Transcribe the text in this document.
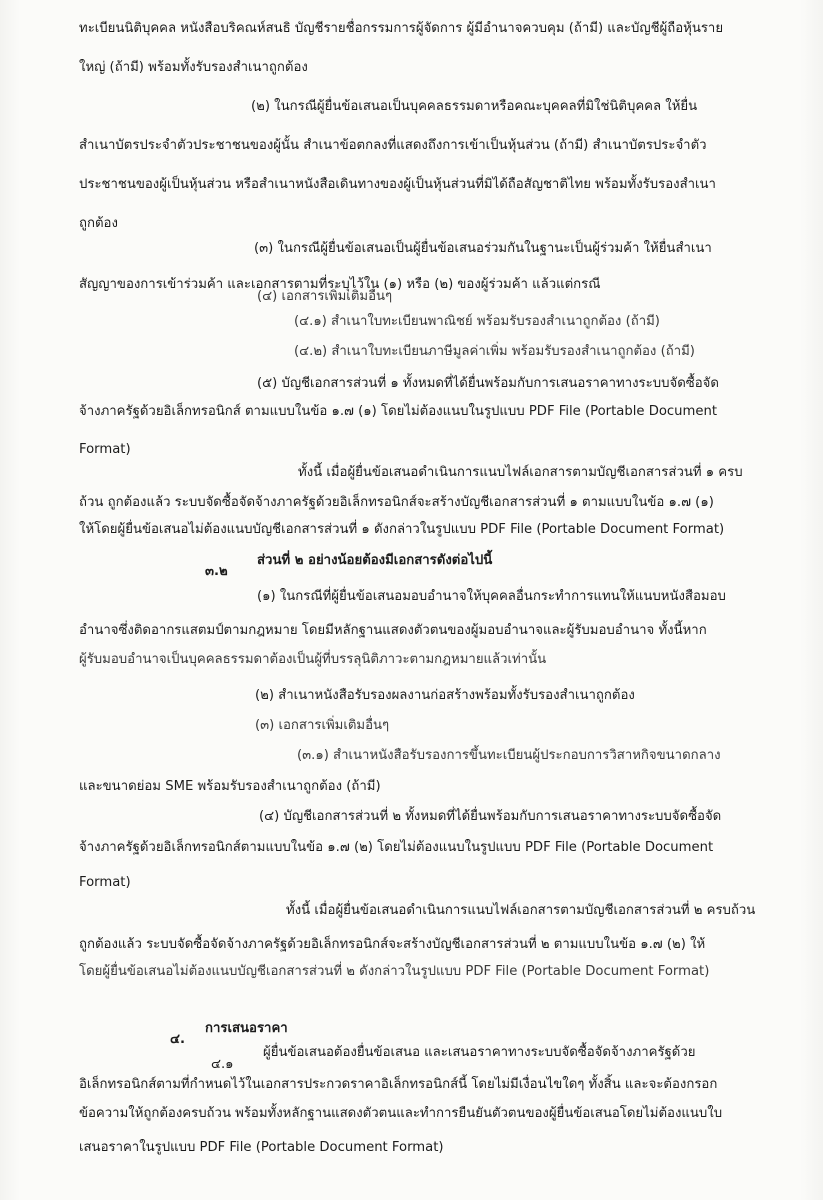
ทะเบียนนิติบุคคล หนังสือบริคณห์สนธิ บัญชีรายชื่อกรรมการผู้จัดการ ผู้มีอำนาจควบคุม (ถ้ามี) และบัญชีผู้ถือหุ้นราย
ใหญ่ (ถ้ามี) พร้อมทั้งรับรองสำเนาถูกต้อง
(๒) ในกรณีผู้ยื่นข้อเสนอเป็นบุคคลธรรมดาหรือคณะบุคคลที่มิใช่นิติบุคคล ให้ยื่น
สำเนาบัตรประจำตัวประชาชนของผู้นั้น สำเนาข้อตกลงที่แสดงถึงการเข้าเป็นหุ้นส่วน (ถ้ามี) สำเนาบัตรประจำตัว
ประชาชนของผู้เป็นหุ้นส่วน หรือสำเนาหนังสือเดินทางของผู้เป็นหุ้นส่วนที่มิได้ถือสัญชาติไทย พร้อมทั้งรับรองสำเนา
ถูกต้อง
(๓) ในกรณีผู้ยื่นข้อเสนอเป็นผู้ยื่นข้อเสนอร่วมกันในฐานะเป็นผู้ร่วมค้า ให้ยื่นสำเนา
สัญญาของการเข้าร่วมค้า และเอกสารตามที่ระบุไว้ใน (๑) หรือ (๒) ของผู้ร่วมค้า แล้วแต่กรณี
(๔) เอกสารเพิ่มเติมอื่นๆ
(๔.๑) สำเนาใบทะเบียนพาณิชย์ พร้อมรับรองสำเนาถูกต้อง (ถ้ามี)
(๔.๒) สำเนาใบทะเบียนภาษีมูลค่าเพิ่ม พร้อมรับรองสำเนาถูกต้อง (ถ้ามี)
(๕) บัญชีเอกสารส่วนที่ ๑ ทั้งหมดที่ได้ยื่นพร้อมกับการเสนอราคาทางระบบจัดซื้อจัด
จ้างภาครัฐด้วยอิเล็กทรอนิกส์ ตามแบบในข้อ ๑.๗ (๑) โดยไม่ต้องแนบในรูปแบบ PDF File (Portable Document
Format)
ทั้งนี้ เมื่อผู้ยื่นข้อเสนอดำเนินการแนบไฟล์เอกสารตามบัญชีเอกสารส่วนที่ ๑ ครบ
ถ้วน ถูกต้องแล้ว ระบบจัดซื้อจัดจ้างภาครัฐด้วยอิเล็กทรอนิกส์จะสร้างบัญชีเอกสารส่วนที่ ๑ ตามแบบในข้อ ๑.๗ (๑)
ให้โดยผู้ยื่นข้อเสนอไม่ต้องแนบบัญชีเอกสารส่วนที่ ๑ ดังกล่าวในรูปแบบ PDF File (Portable Document Format)
๓.๒
ส่วนที่ ๒ อย่างน้อยต้องมีเอกสารดังต่อไปนี้
(๑) ในกรณีที่ผู้ยื่นข้อเสนอมอบอำนาจให้บุคคลอื่นกระทำการแทนให้แนบหนังสือมอบ
อำนาจซึ่งติดอากรแสตมป์ตามกฎหมาย โดยมีหลักฐานแสดงตัวตนของผู้มอบอำนาจและผู้รับมอบอำนาจ ทั้งนี้หาก
ผู้รับมอบอำนาจเป็นบุคคลธรรมดาต้องเป็นผู้ที่บรรลุนิติภาวะตามกฎหมายแล้วเท่านั้น
(๒) สำเนาหนังสือรับรองผลงานก่อสร้างพร้อมทั้งรับรองสำเนาถูกต้อง
(๓) เอกสารเพิ่มเติมอื่นๆ
(๓.๑) สำเนาหนังสือรับรองการขึ้นทะเบียนผู้ประกอบการวิสาหกิจขนาดกลาง
และขนาดย่อม SME พร้อมรับรองสำเนาถูกต้อง (ถ้ามี)
(๔) บัญชีเอกสารส่วนที่ ๒ ทั้งหมดที่ได้ยื่นพร้อมกับการเสนอราคาทางระบบจัดซื้อจัด
จ้างภาครัฐด้วยอิเล็กทรอนิกส์ตามแบบในข้อ ๑.๗ (๒) โดยไม่ต้องแนบในรูปแบบ PDF File (Portable Document
Format)
ทั้งนี้ เมื่อผู้ยื่นข้อเสนอดำเนินการแนบไฟล์เอกสารตามบัญชีเอกสารส่วนที่ ๒ ครบถ้วน
ถูกต้องแล้ว ระบบจัดซื้อจัดจ้างภาครัฐด้วยอิเล็กทรอนิกส์จะสร้างบัญชีเอกสารส่วนที่ ๒ ตามแบบในข้อ ๑.๗ (๒) ให้
โดยผู้ยื่นข้อเสนอไม่ต้องแนบบัญชีเอกสารส่วนที่ ๒ ดังกล่าวในรูปแบบ PDF File (Portable Document Format)
๔.
การเสนอราคา
๔.๑
ผู้ยื่นข้อเสนอต้องยื่นข้อเสนอ และเสนอราคาทางระบบจัดซื้อจัดจ้างภาครัฐด้วย
อิเล็กทรอนิกส์ตามที่กำหนดไว้ในเอกสารประกวดราคาอิเล็กทรอนิกส์นี้ โดยไม่มีเงื่อนไขใดๆ ทั้งสิ้น และจะต้องกรอก
ข้อความให้ถูกต้องครบถ้วน พร้อมทั้งหลักฐานแสดงตัวตนและทำการยืนยันตัวตนของผู้ยื่นข้อเสนอโดยไม่ต้องแนบใบ
เสนอราคาในรูปแบบ PDF File (Portable Document Format)
